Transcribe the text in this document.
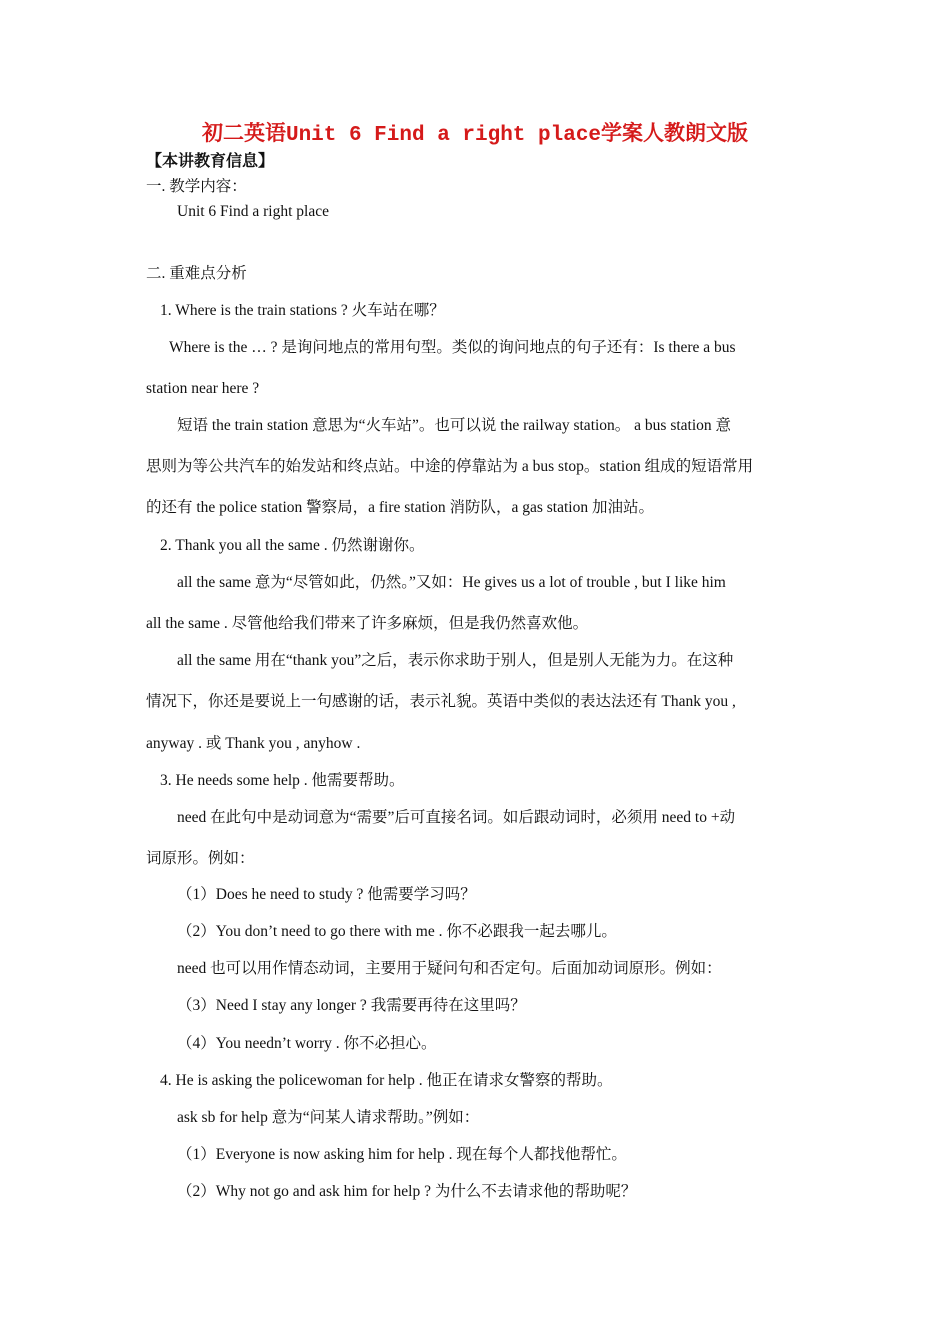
初二英语Unit 6 Find a right place学案人教朗文版
【本讲教育信息】
一. 教学内容：
Unit 6 Find a right place
二. 重难点分析
1. Where is the train stations ? 火车站在哪？
Where is the … ? 是询问地点的常用句型。类似的询问地点的句子还有：Is there a bus
station near here ?
短语 the train station 意思为“火车站”。也可以说 the railway station。 a bus station 意
思则为等公共汽车的始发站和终点站。中途的停靠站为 a bus stop。station 组成的短语常用
的还有 the police station 警察局，a fire station 消防队，a gas station 加油站。
2. Thank you all the same . 仍然谢谢你。
all the same 意为“尽管如此，仍然。”又如：He gives us a lot of trouble , but I like him
all the same . 尽管他给我们带来了许多麻烦，但是我仍然喜欢他。
all the same 用在“thank you”之后，表示你求助于别人，但是别人无能为力。在这种
情况下，你还是要说上一句感谢的话，表示礼貌。英语中类似的表达法还有 Thank you ,
anyway . 或 Thank you , anyhow .
3. He needs some help . 他需要帮助。
need 在此句中是动词意为“需要”后可直接名词。如后跟动词时，必须用 need to +动
词原形。例如：
（1）Does he need to study ? 他需要学习吗？
（2）You don’t need to go there with me . 你不必跟我一起去哪儿。
need 也可以用作情态动词，主要用于疑问句和否定句。后面加动词原形。例如：
（3）Need I stay any longer ? 我需要再待在这里吗？
（4）You needn’t worry . 你不必担心。
4. He is asking the policewoman for help . 他正在请求女警察的帮助。
ask sb for help 意为“问某人请求帮助。”例如：
（1）Everyone is now asking him for help . 现在每个人都找他帮忙。
（2）Why not go and ask him for help ? 为什么不去请求他的帮助呢？
